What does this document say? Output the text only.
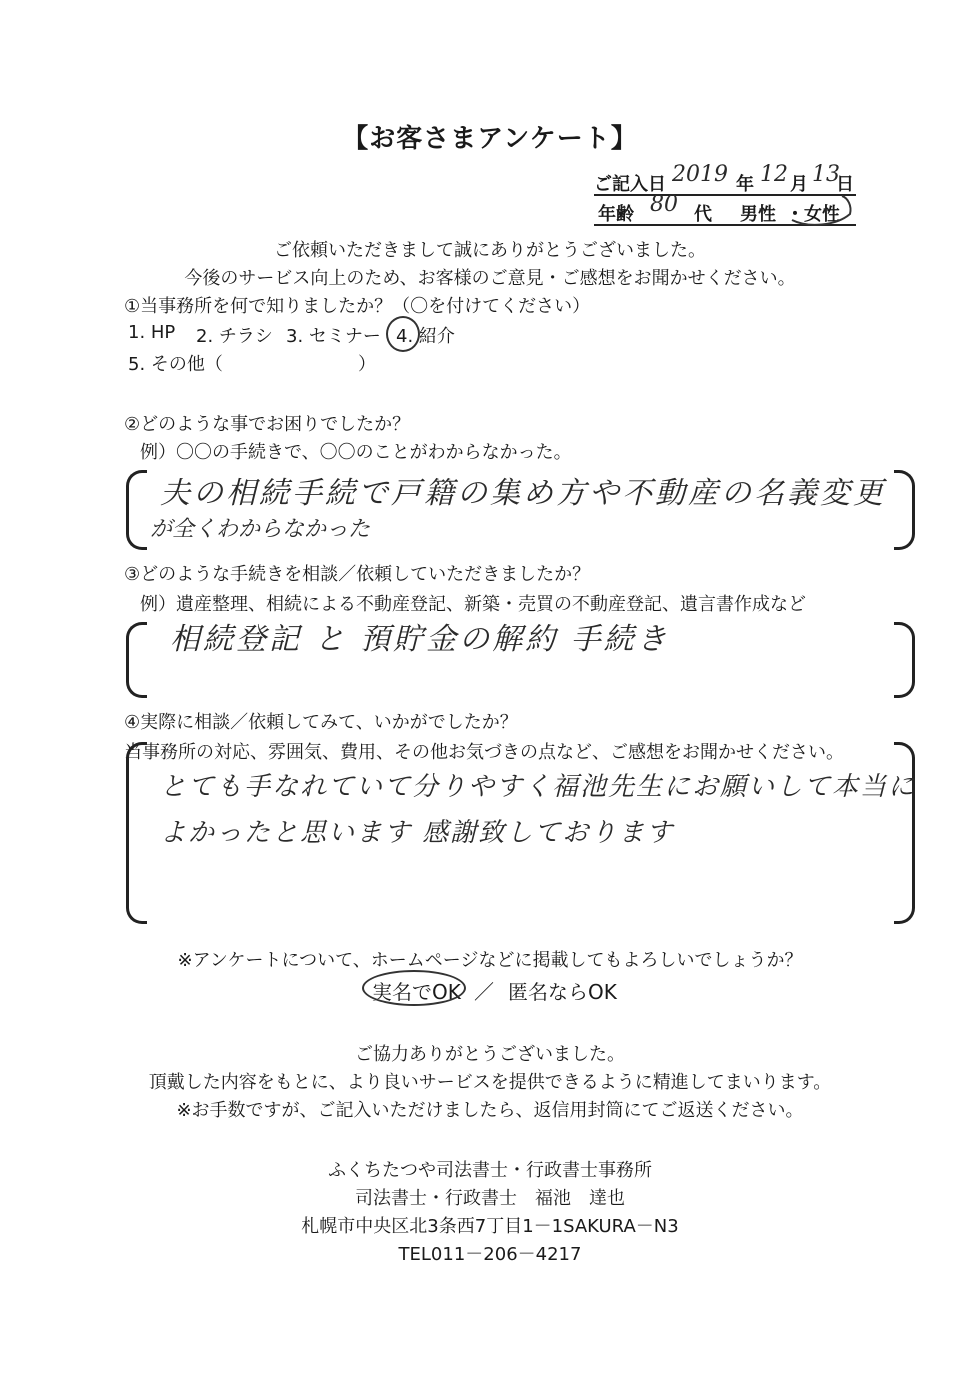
【お客さまアンケート】
ご記入日 2019 年 12 月 13
日
年齢 80 代 男性 ・ 女性
ご依頼いただきまして誠にありがとうございました。
今後のサービス向上のため、お客様のご意見・ご感想をお聞かせください。
①当事務所を何で知りましたか？（〇を付けてください）
1. HP 2. チラシ 3. セミナー 4. 紹介
5. その他（	）
②どのような事でお困りでしたか？
例）〇〇の手続きで、〇〇のことがわからなかった。
夫の相続手続で戸籍の集め方や不動産の名義変更
が全くわからなかった
③どのような手続きを相談／依頼していただきましたか？
例）遺産整理、相続による不動産登記、新築・売買の不動産登記、遺言書作成など
相続登記 と 預貯金の解約 手続き
④実際に相談／依頼してみて、いかがでしたか？
当事務所の対応、雰囲気、費用、その他お気づきの点など、ご感想をお聞かせください。
とても手なれていて分りやすく福池先生にお願いして本当に
よかったと思います 感謝致しております
※アンケートについて、ホームページなどに掲載してもよろしいでしょうか？
実名でOK ／ 匿名ならOK
ご協力ありがとうございました。
頂戴した内容をもとに、より良いサービスを提供できるように精進してまいります。
※お手数ですが、ご記入いただけましたら、返信用封筒にてご返送ください。
ふくちたつや司法書士・行政書士事務所
司法書士・行政書士　福池　達也
札幌市中央区北3条西7丁目1－1SAKURA－N3
TEL011－206－4217
